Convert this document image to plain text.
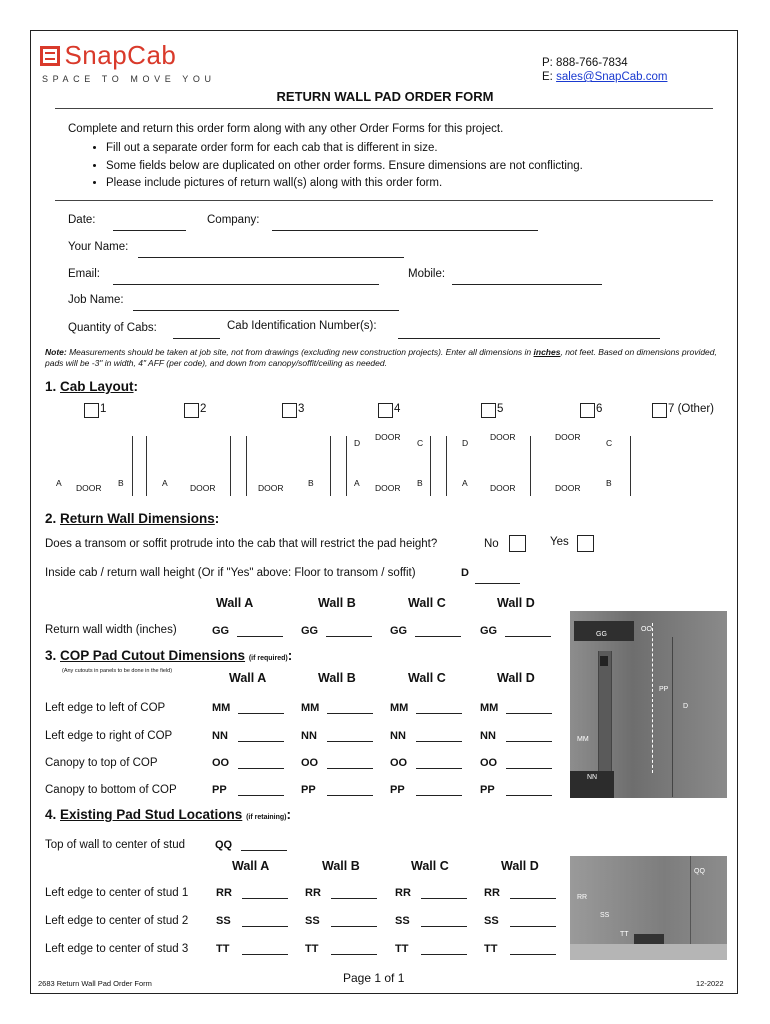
SnapCab
SPACE TO MOVE YOU
P: 888-766-7834
E: sales@SnapCab.com
RETURN WALL PAD ORDER FORM
Complete and return this order form along with any other Order Forms for this project.
• Fill out a separate order form for each cab that is different in size.
• Some fields below are duplicated on other order forms. Ensure dimensions are not conflicting.
• Please include pictures of return wall(s) along with this order form.
Date:	Company:
Your Name:
Email:	Mobile:
Job Name:
Quantity of Cabs:	Cab Identification Number(s):
Note: Measurements should be taken at job site, not from drawings (excluding new construction projects). Enter all dimensions in inches, not feet. Based on dimensions provided, pads will be -3" in width, 4" AFF (per code), and down from canopy/soffit/ceiling as needed.
1. Cab Layout:
1	2	3	4	5	6	7 (Other)
A DOOR B	A	DOOR	DOOR	B
D
DOOR
C
A DOOR B
D
DOOR
A	DOOR
DOOR
C
DOOR	B
2. Return Wall Dimensions:
Does a transom or soffit protrude into the cab that will restrict the pad height?	No	Yes
Inside cab / return wall height (Or if "Yes" above: Floor to transom / soffit)	D
Wall A	Wall B	Wall C	Wall D
Return wall width (inches)	GG	GG	GG	GG
3. COP Pad Cutout Dimensions (if required):
(Any cutouts in panels to be done in the field)	Wall A	Wall B	Wall C	Wall D
Left edge to left of COP	MM	MM	MM	MM
Left edge to right of COP	NN	NN	NN	NN
Canopy to top of COP	OO	OO	OO	OO
Canopy to bottom of COP	PP	PP	PP	PP
GG
OO
PP
D
MM
NN
4. Existing Pad Stud Locations (if retaining):
Top of wall to center of stud	QQ
Wall A	Wall B	Wall C	Wall D
Left edge to center of stud 1	RR	RR	RR	RR
Left edge to center of stud 2	SS	SS	SS	SS
Left edge to center of stud 3	TT	TT	TT	TT
QQ
RR
SS
TT
2683 Return Wall Pad Order Form	Page 1 of 1	12-2022
